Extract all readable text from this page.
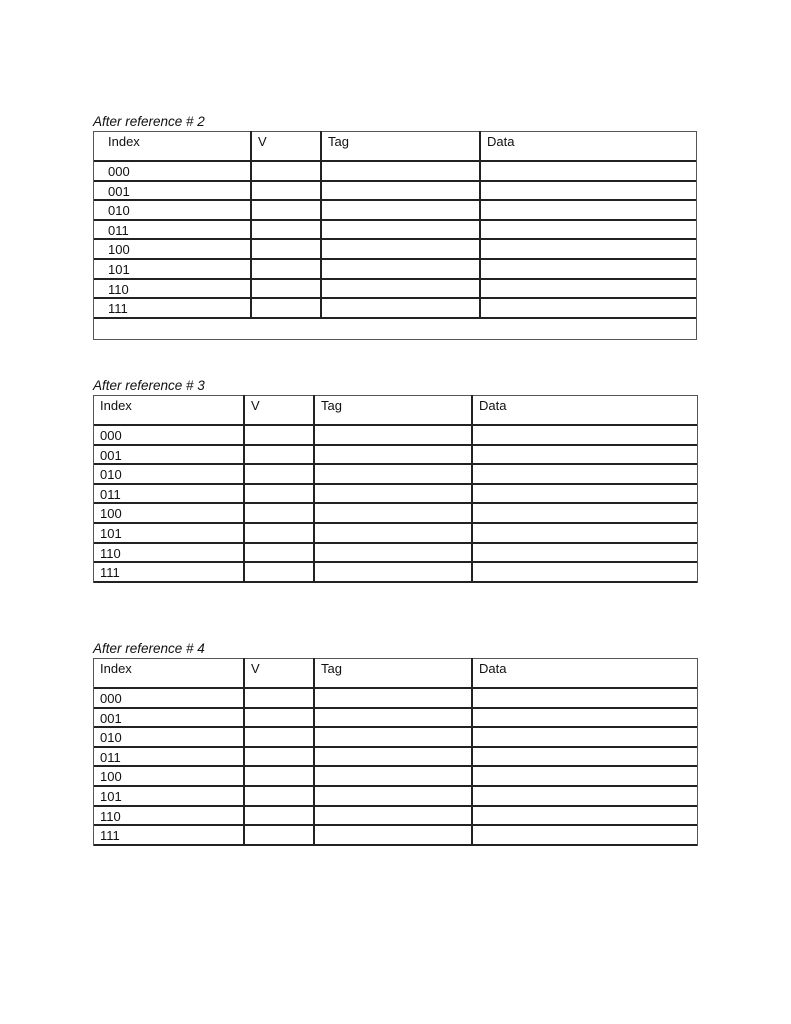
After reference # 2
Index	V	Tag	Data
000
001
010
011
100
101
110
111
After reference # 3
Index	V	Tag	Data
000
001
010
011
100
101
110
111
After reference # 4
Index	V	Tag	Data
000
001
010
011
100
101
110
111
